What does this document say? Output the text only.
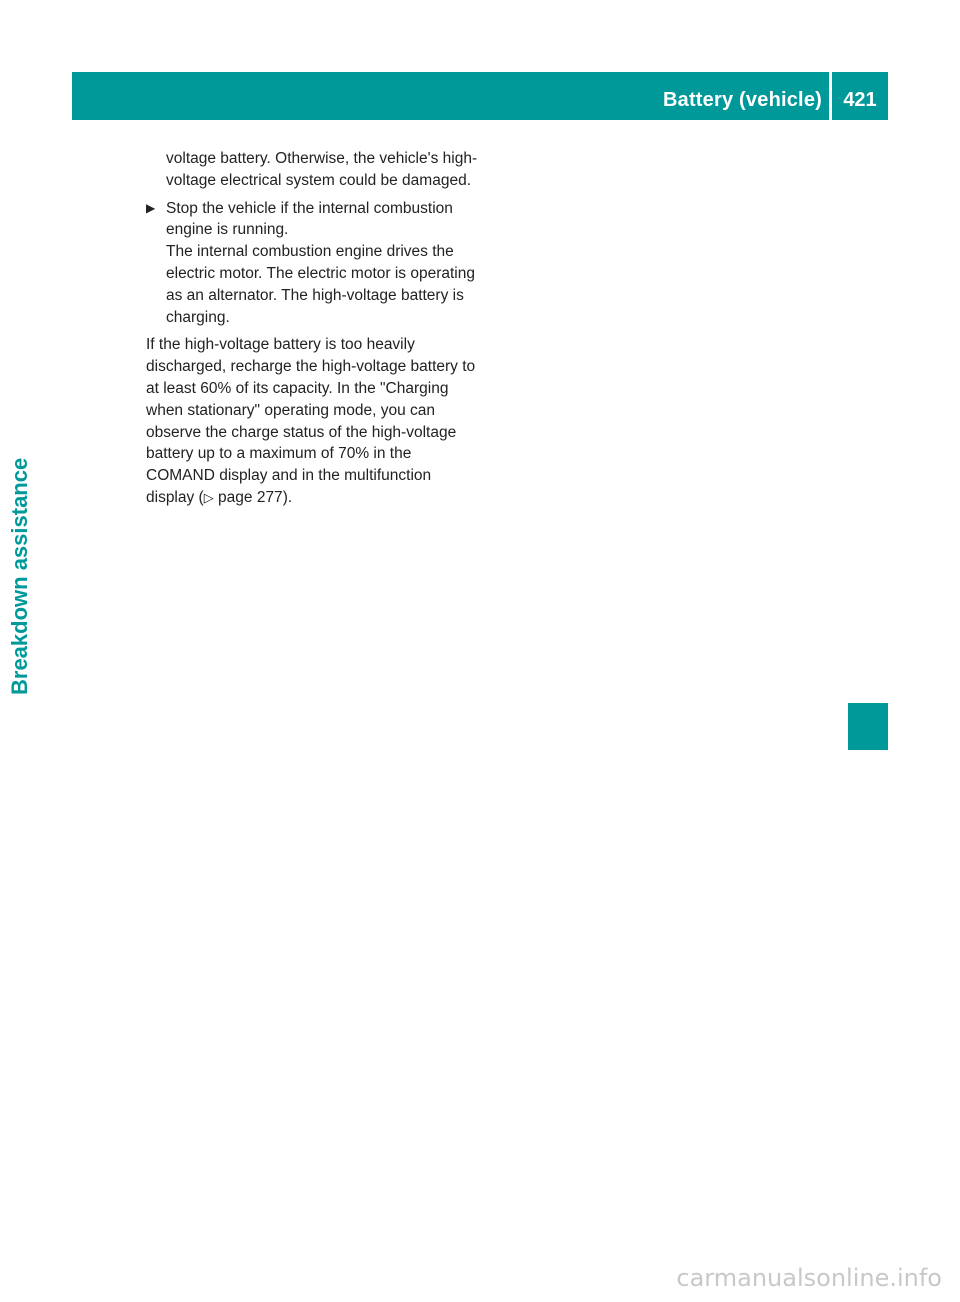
Battery (vehicle)	421
Breakdown assistance

voltage battery. Otherwise, the vehicle's high-voltage electrical system could be damaged.

▶ Stop the vehicle if the internal combustion engine is running.

The internal combustion engine drives the electric motor. The electric motor is operating as an alternator. The high-voltage battery is charging.

If the high-voltage battery is too heavily discharged, recharge the high-voltage battery to at least 60% of its capacity. In the "Charging when stationary" operating mode, you can observe the charge status of the high-voltage battery up to a maximum of 70% in the COMAND display and in the multifunction display (▷ page 277).

carmanualsonline.info
